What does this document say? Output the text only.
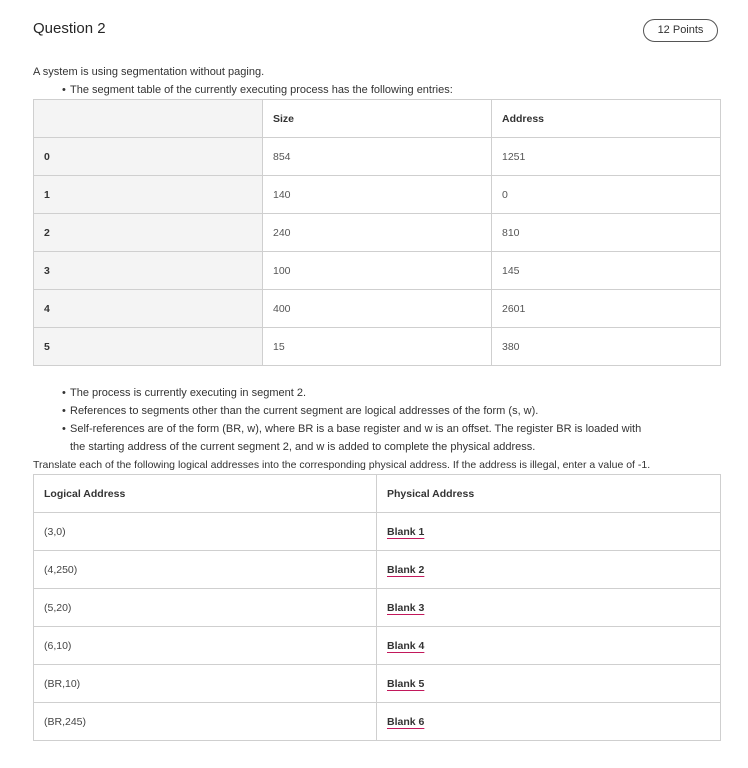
Question 2	12 Points

A system is using segmentation without paging.

• The segment table of the currently executing process has the following entries:
	Size	Address
0	854	1251
1	140	0
2	240	810
3	100	145
4	400	2601
5	15	380
• The process is currently executing in segment 2.
• References to segments other than the current segment are logical addresses of the form (s, w).
• Self-references are of the form (BR, w), where BR is a base register and w is an offset. The register BR is loaded with

the starting address of the current segment 2, and w is added to complete the physical address.

Translate each of the following logical addresses into the corresponding physical address. If the address is illegal, enter a value of -1.

Logical Address	Physical Address
(3,0)	Blank 1
(4,250)	Blank 2
(5,20)	Blank 3
(6,10)	Blank 4
(BR,10)	Blank 5
(BR,245)	Blank 6
